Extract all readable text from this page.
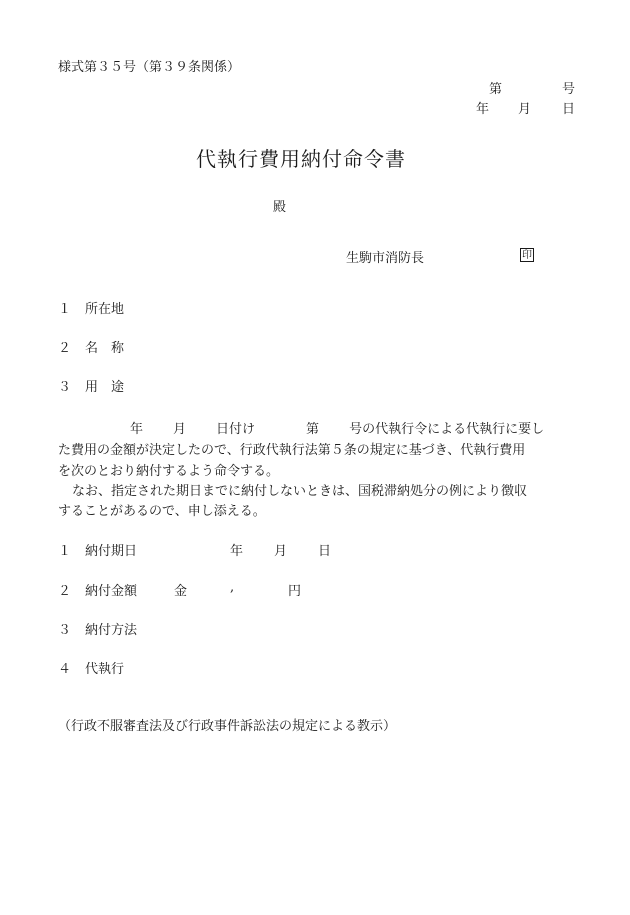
様式第３５号（第３９条関係）
第	号
年 月 日
代執行費用納付命令書
殿
生駒市消防長	印
１ 所在地
２ 名　称
３ 用　途
年 月 日付け	第 号の代執行令による代執行に要し
た費用の金額が決定したので、行政代執行法第５条の規定に基づき、代執行費用
を次のとおり納付するよう命令する。
なお、指定された期日までに納付しないときは、国税滞納処分の例により徴収
することがあるので、申し添える。
１ 納付期日	年 月 日
２ 納付金額	金	,	円
３ 納付方法
４ 代執行
（行政不服審査法及び行政事件訴訟法の規定による教示）
